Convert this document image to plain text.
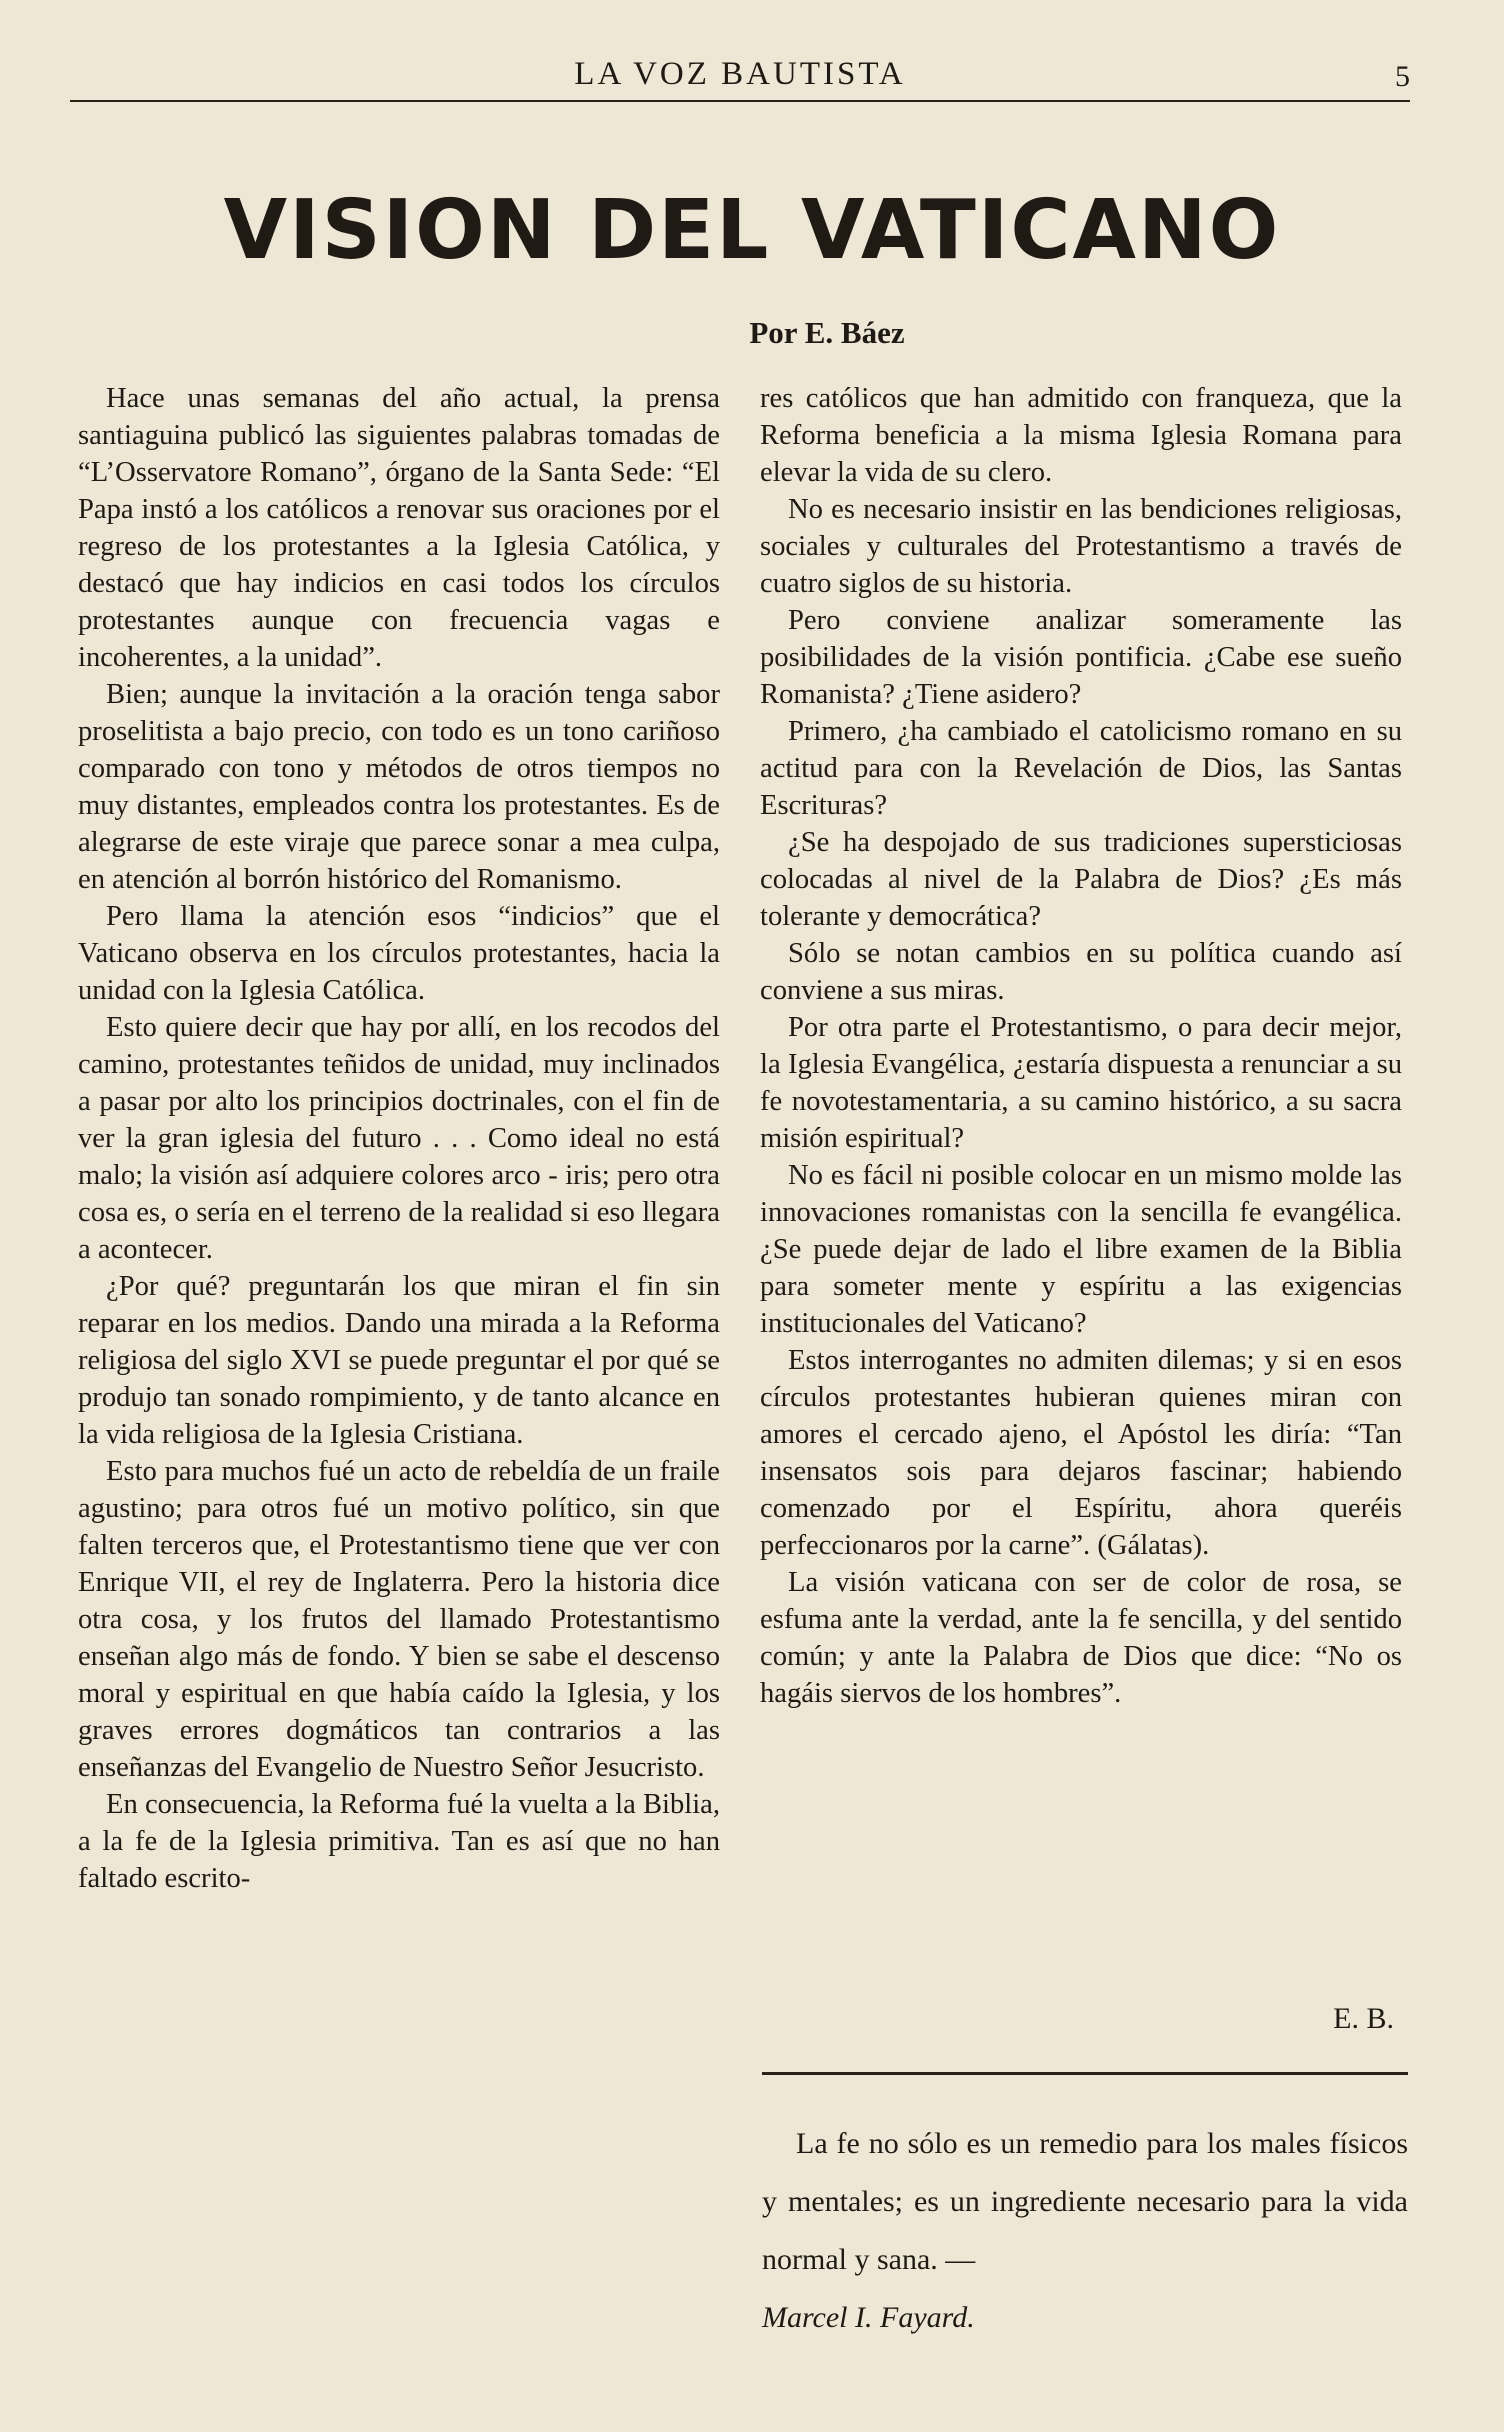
LA VOZ BAUTISTA	5
VISION DEL VATICANO
Por E. Báez

Hace unas semanas del año actual, la prensa santiaguina publicó las siguientes palabras tomadas de “L’Osservatore Romano”, órgano de la Santa Sede: “El Papa instó a los católicos a renovar sus oraciones por el regreso de los protestantes a la Iglesia Católica, y destacó que hay indicios en casi todos los círculos protestantes aunque con frecuencia vagas e incoherentes, a la unidad”.

Bien; aunque la invitación a la oración tenga sabor proselitista a bajo precio, con todo es un tono cariñoso comparado con tono y métodos de otros tiempos no muy distantes, empleados contra los protestantes. Es de alegrarse de este viraje que parece sonar a mea culpa, en atención al borrón histórico del Romanismo.

Pero llama la atención esos “indicios” que el Vaticano observa en los círculos protestantes, hacia la unidad con la Iglesia Católica.

Esto quiere decir que hay por allí, en los recodos del camino, protestantes teñidos de unidad, muy inclinados a pasar por alto los principios doctrinales, con el fin de ver la gran iglesia del futuro . . . Como ideal no está malo; la visión así adquiere colores arco - iris; pero otra cosa es, o sería en el terreno de la realidad si eso llegara a acontecer.

¿Por qué? preguntarán los que miran el fin sin reparar en los medios. Dando una mirada a la Reforma religiosa del siglo XVI se puede preguntar el por qué se produjo tan sonado rompimiento, y de tanto alcance en la vida religiosa de la Iglesia Cristiana.

Esto para muchos fué un acto de rebeldía de un fraile agustino; para otros fué un motivo político, sin que falten terceros que, el Protestantismo tiene que ver con Enrique VII, el rey de Inglaterra. Pero la historia dice otra cosa, y los frutos del llamado Protestantismo enseñan algo más de fondo. Y bien se sabe el descenso moral y espiritual en que había caído la Iglesia, y los graves errores dogmáticos tan contrarios a las enseñanzas del Evangelio de Nuestro Señor Jesucristo.

En consecuencia, la Reforma fué la vuelta a la Biblia, a la fe de la Iglesia primitiva. Tan es así que no han faltado escrito-

res católicos que han admitido con franqueza, que la Reforma beneficia a la misma Iglesia Romana para elevar la vida de su clero.

No es necesario insistir en las bendiciones religiosas, sociales y culturales del Protestantismo a través de cuatro siglos de su historia.

Pero conviene analizar someramente las posibilidades de la visión pontificia. ¿Cabe ese sueño Romanista? ¿Tiene asidero?

Primero, ¿ha cambiado el catolicismo romano en su actitud para con la Revelación de Dios, las Santas Escrituras?

¿Se ha despojado de sus tradiciones supersticiosas colocadas al nivel de la Palabra de Dios? ¿Es más tolerante y democrática?

Sólo se notan cambios en su política cuando así conviene a sus miras.

Por otra parte el Protestantismo, o para decir mejor, la Iglesia Evangélica, ¿estaría dispuesta a renunciar a su fe novotestamentaria, a su camino histórico, a su sacra misión espiritual?

No es fácil ni posible colocar en un mismo molde las innovaciones romanistas con la sencilla fe evangélica. ¿Se puede dejar de lado el libre examen de la Biblia para someter mente y espíritu a las exigencias institucionales del Vaticano?

Estos interrogantes no admiten dilemas; y si en esos círculos protestantes hubieran quienes miran con amores el cercado ajeno, el Apóstol les diría: “Tan insensatos sois para dejaros fascinar; habiendo comenzado por el Espíritu, ahora queréis perfeccionaros por la carne”. (Gálatas).

La visión vaticana con ser de color de rosa, se esfuma ante la verdad, ante la fe sencilla, y del sentido común; y ante la Palabra de Dios que dice: “No os hagáis siervos de los hombres”.

E. B.

La fe no sólo es un remedio para los males físicos y mentales; es un ingrediente necesario para la vida normal y sana. —

Marcel I. Fayard.
